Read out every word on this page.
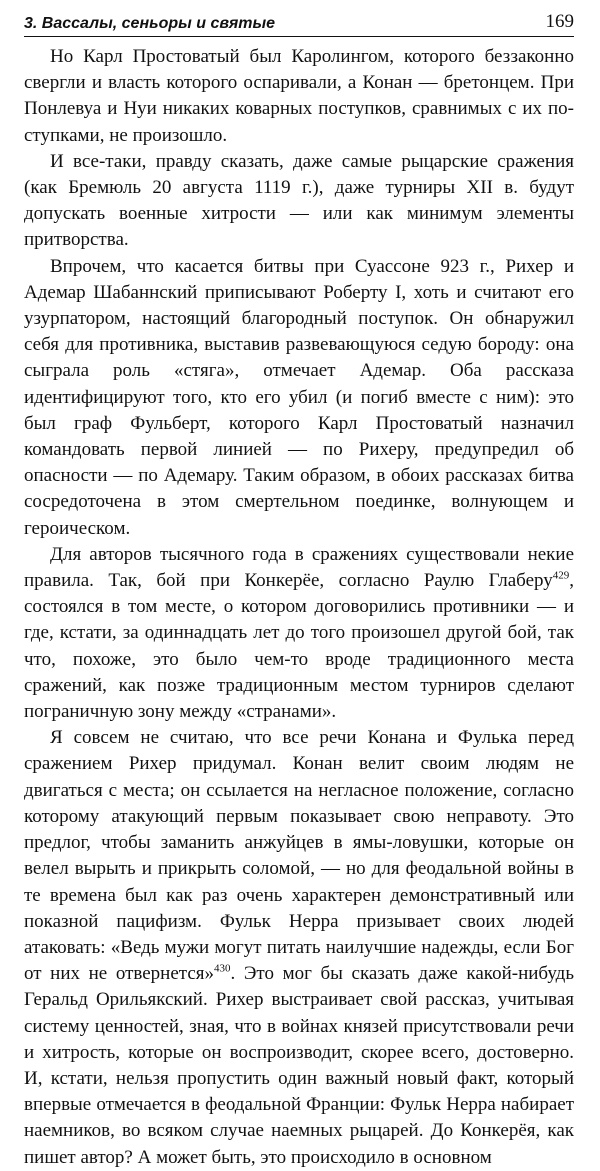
3. Вассалы, сеньоры и святые	169

Но Карл Простоватый был Каролингом, которого беззаконно свергли и власть которого оспаривали, а Конан — бретонцем. При Понлевуа и Нуи никаких коварных поступков, сравнимых с их поступками, не произошло.

И все-таки, правду сказать, даже самые рыцарские сражения (как Бремюль 20 августа 1119 г.), даже турниры XII в. будут допускать военные хитрости — или как минимум элементы притворства.

Впрочем, что касается битвы при Суассоне 923 г., Рихер и Адемар Шабаннский приписывают Роберту I, хоть и считают его узурпатором, настоящий благородный поступок. Он обнаружил себя для противника, выставив развевающуюся седую бороду: она сыграла роль «стяга», отмечает Адемар. Оба рассказа идентифицируют того, кто его убил (и погиб вместе с ним): это был граф Фульберт, которого Карл Простоватый назначил командовать первой линией — по Рихеру, предупредил об опасности — по Адемару. Таким образом, в обоих рассказах битва сосредоточена в этом смертельном поединке, волнующем и героическом.

Для авторов тысячного года в сражениях существовали некие правила. Так, бой при Конкерёе, согласно Раулю Глаберу$^{429}$, состоялся в том месте, о котором договорились противники — и где, кстати, за одиннадцать лет до того произошел другой бой, так что, похоже, это было чем-то вроде традиционного места сражений, как позже традиционным местом турниров сделают пограничную зону между «странами».

Я совсем не считаю, что все речи Конана и Фулька перед сражением Рихер придумал. Конан велит своим людям не двигаться с места; он ссылается на негласное положение, согласно которому атакующий первым показывает свою неправоту. Это предлог, чтобы заманить анжуйцев в ямы-ловушки, которые он велел вырыть и прикрыть соломой, — но для феодальной войны в те времена был как раз очень характерен демонстративный или показной пацифизм. Фульк Нерра призывает своих людей атаковать: «Ведь мужи могут питать наилучшие надежды, если Бог от них не отвернется»$^{430}$. Это мог бы сказать даже какой-нибудь Геральд Орильякский. Рихер выстраивает свой рассказ, учитывая систему ценностей, зная, что в войнах князей присутствовали речи и хитрость, которые он воспроизводит, скорее всего, достоверно. И, кстати, нельзя пропустить один важный новый факт, который впервые отмечается в феодальной Франции: Фульк Нерра набирает наемников, во всяком случае наемных рыцарей. До Конкерёя, как пишет автор? А может быть, это происходило в основном
